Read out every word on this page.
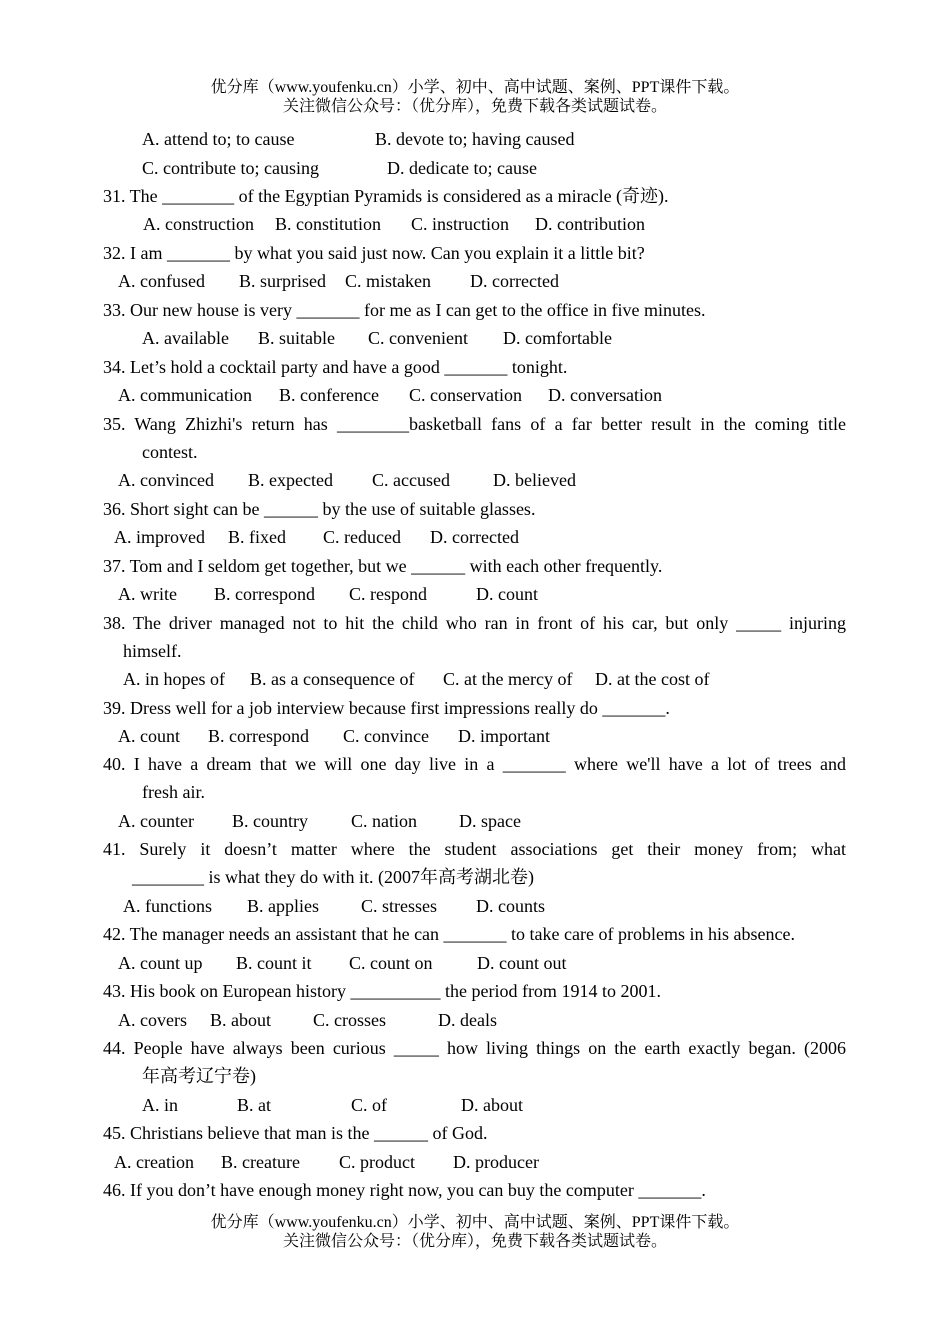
优分库（www.youfenku.cn）小学、初中、高中试题、案例、PPT课件下载。
关注微信公众号：（优分库），免费下载各类试题试卷。
A. attend to; to cause	B. devote to; having caused
C. contribute to; causing	D. dedicate to; cause
31. The ________ of the Egyptian Pyramids is considered as a miracle (奇迹).
A. construction B. constitution C. instruction D. contribution
32. I am _______ by what you said just now. Can you explain it a little bit?
A. confused B. surprised C. mistaken D. corrected
33. Our new house is very _______ for me as I can get to the office in five minutes.
A. available B. suitable C. convenient D. comfortable
34. Let’s hold a cocktail party and have a good _______ tonight.
A. communication B. conference C. conservation D. conversation
35. Wang Zhizhi's return has ________basketball fans of a far better result in the coming title
contest.
A. convinced B. expected C. accused D. believed
36. Short sight can be ______ by the use of suitable glasses.
A. improved B. fixed C. reduced D. corrected
37. Tom and I seldom get together, but we ______ with each other frequently.
A. write B. correspond C. respond	D. count
38. The driver managed not to hit the child who ran in front of his car, but only _____ injuring
himself.
A. in hopes of B. as a consequence of C. at the mercy of D. at the cost of
39. Dress well for a job interview because first impressions really do _______.
A. count B. correspond C. convince D. important
40. I have a dream that we will one day live in a _______ where we'll have a lot of trees and
fresh air.
A. counter B. country C. nation D. space
41. Surely it doesn’t matter where the student associations get their money from; what
________ is what they do with it. (2007年高考湖北卷)
A. functions B. applies C. stresses D. counts
42. The manager needs an assistant that he can _______ to take care of problems in his absence.
A. count up B. count it C. count on D. count out
43. His book on European history __________ the period from 1914 to 2001.
A. covers B. about C. crosses	D. deals
44. People have always been curious _____ how living things on the earth exactly began. (2006
年高考辽宁卷)
A. in	B. at	C. of	D. about
45. Christians believe that man is the ______ of God.
A. creation B. creature C. product D. producer
46. If you don’t have enough money right now, you can buy the computer _______.
优分库（www.youfenku.cn）小学、初中、高中试题、案例、PPT课件下载。
关注微信公众号：（优分库），免费下载各类试题试卷。
